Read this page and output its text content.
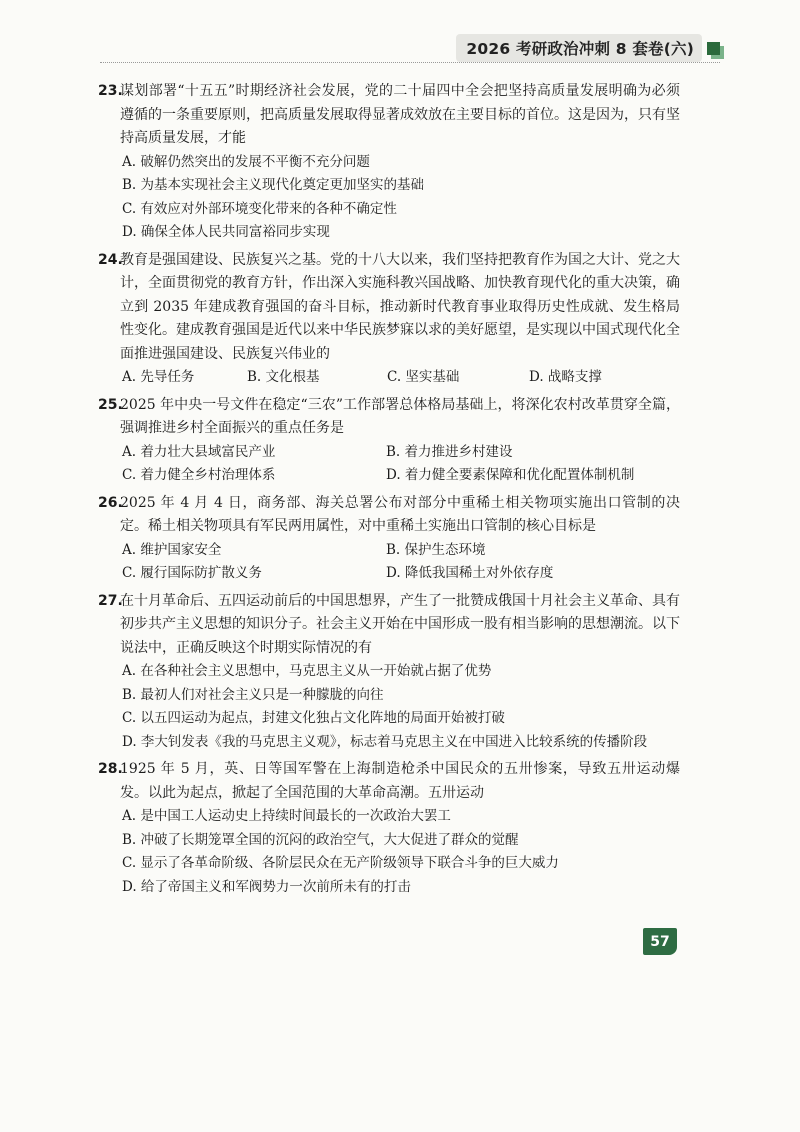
2026 考研政治冲刺 8 套卷(六)
23.
谋划部署“十五五”时期经济社会发展，党的二十届四中全会把坚持高质量发展明确为必须遵循的一条重要原则，把高质量发展取得显著成效放在主要目标的首位。这是因为，只有坚持高质量发展，才能
A. 破解仍然突出的发展不平衡不充分问题
B. 为基本实现社会主义现代化奠定更加坚实的基础
C. 有效应对外部环境变化带来的各种不确定性
D. 确保全体人民共同富裕同步实现
24.
教育是强国建设、民族复兴之基。党的十八大以来，我们坚持把教育作为国之大计、党之大计，全面贯彻党的教育方针，作出深入实施科教兴国战略、加快教育现代化的重大决策，确立到 2035 年建成教育强国的奋斗目标，推动新时代教育事业取得历史性成就、发生格局性变化。建成教育强国是近代以来中华民族梦寐以求的美好愿望，是实现以中国式现代化全面推进强国建设、民族复兴伟业的
A. 先导任务	B. 文化根基	C. 坚实基础	D. 战略支撑
25.
2025 年中央一号文件在稳定“三农”工作部署总体格局基础上，将深化农村改革贯穿全篇，强调推进乡村全面振兴的重点任务是
A. 着力壮大县域富民产业	B. 着力推进乡村建设
C. 着力健全乡村治理体系	D. 着力健全要素保障和优化配置体制机制
26.
2025 年 4 月 4 日，商务部、海关总署公布对部分中重稀土相关物项实施出口管制的决定。稀土相关物项具有军民两用属性，对中重稀土实施出口管制的核心目标是
A. 维护国家安全	B. 保护生态环境
C. 履行国际防扩散义务	D. 降低我国稀土对外依存度
27.
在十月革命后、五四运动前后的中国思想界，产生了一批赞成俄国十月社会主义革命、具有初步共产主义思想的知识分子。社会主义开始在中国形成一股有相当影响的思想潮流。以下说法中，正确反映这个时期实际情况的有
A. 在各种社会主义思想中，马克思主义从一开始就占据了优势
B. 最初人们对社会主义只是一种朦胧的向往
C. 以五四运动为起点，封建文化独占文化阵地的局面开始被打破
D. 李大钊发表《我的马克思主义观》，标志着马克思主义在中国进入比较系统的传播阶段
28.
1925 年 5 月，英、日等国军警在上海制造枪杀中国民众的五卅惨案，导致五卅运动爆发。以此为起点，掀起了全国范围的大革命高潮。五卅运动
A. 是中国工人运动史上持续时间最长的一次政治大罢工
B. 冲破了长期笼罩全国的沉闷的政治空气，大大促进了群众的觉醒
C. 显示了各革命阶级、各阶层民众在无产阶级领导下联合斗争的巨大威力
D. 给了帝国主义和军阀势力一次前所未有的打击
57
